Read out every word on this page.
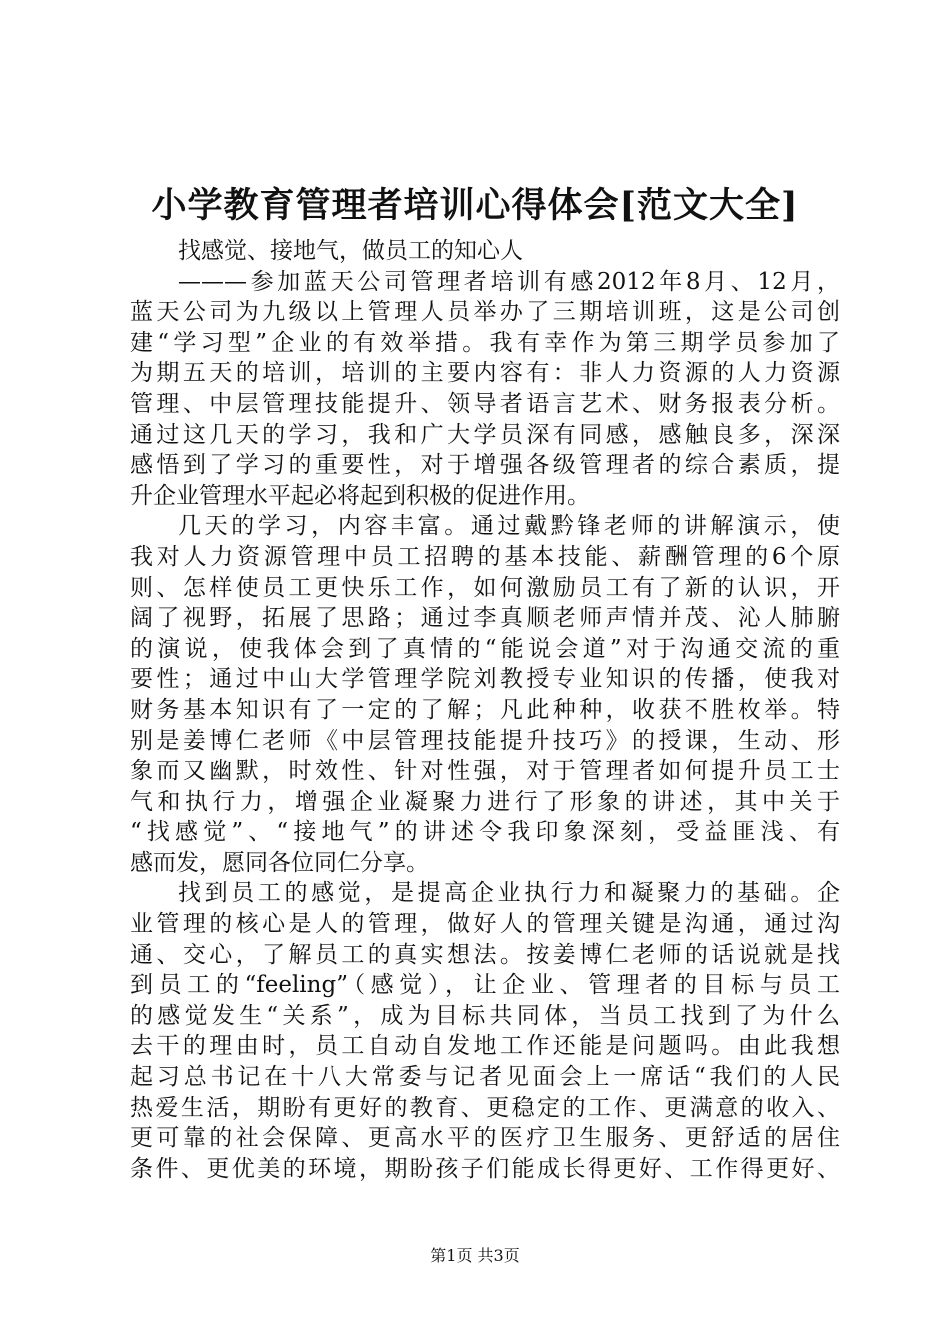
小学教育管理者培训心得体会[范文大全]
找感觉、接地气，做员工的知心人
———参加蓝天公司管理者培训有感2012年8月、12月，
蓝天公司为九级以上管理人员举办了三期培训班，这是公司创
建“学习型”企业的有效举措。我有幸作为第三期学员参加了
为期五天的培训，培训的主要内容有：非人力资源的人力资源
管理、中层管理技能提升、领导者语言艺术、财务报表分析。
通过这几天的学习，我和广大学员深有同感，感触良多，深深
感悟到了学习的重要性，对于增强各级管理者的综合素质，提
升企业管理水平起必将起到积极的促进作用。
几天的学习，内容丰富。通过戴黔锋老师的讲解演示，使
我对人力资源管理中员工招聘的基本技能、薪酬管理的6个原
则、怎样使员工更快乐工作，如何激励员工有了新的认识，开
阔了视野，拓展了思路；通过李真顺老师声情并茂、沁人肺腑
的演说，使我体会到了真情的“能说会道”对于沟通交流的重
要性；通过中山大学管理学院刘教授专业知识的传播，使我对
财务基本知识有了一定的了解；凡此种种，收获不胜枚举。特
别是姜博仁老师《中层管理技能提升技巧》的授课，生动、形
象而又幽默，时效性、针对性强，对于管理者如何提升员工士
气和执行力，增强企业凝聚力进行了形象的讲述，其中关于
“找感觉”、“接地气”的讲述令我印象深刻，受益匪浅、有
感而发，愿同各位同仁分享。
找到员工的感觉，是提高企业执行力和凝聚力的基础。企
业管理的核心是人的管理，做好人的管理关键是沟通，通过沟
通、交心，了解员工的真实想法。按姜博仁老师的话说就是找
到员工的“feeling”（感觉），让企业、管理者的目标与员工
的感觉发生“关系”，成为目标共同体，当员工找到了为什么
去干的理由时，员工自动自发地工作还能是问题吗。由此我想
起习总书记在十八大常委与记者见面会上一席话“我们的人民
热爱生活，期盼有更好的教育、更稳定的工作、更满意的收入、
更可靠的社会保障、更高水平的医疗卫生服务、更舒适的居住
条件、更优美的环境，期盼孩子们能成长得更好、工作得更好、
第1页 共3页
